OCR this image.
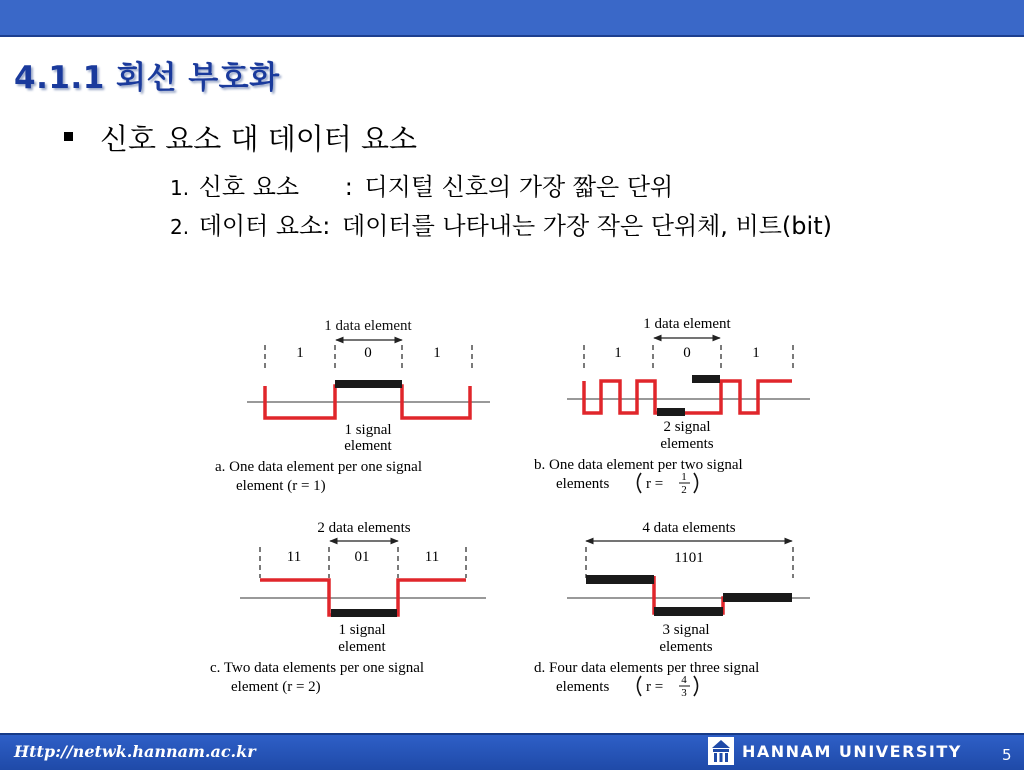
4.1.1 회선 부호화
신호 요소 대 데이터 요소
1. 신호 요소 : 디지털 신호의 가장 짧은 단위
2. 데이터 요소: 데이터를 나타내는 가장 작은 단위체, 비트(bit)
1 data element
1	0	1
1 signal
element
a. One data element per one signal
element (r = 1)
1 data element
1	0	1
2 signal
elements
b. One data element per two signal
elements r = 1
2
2 data elements
11	01	11
1 signal
element
c. Two data elements per one signal
element (r = 2)
4 data elements
1101
3 signal
elements
d. Four data elements per three signal
elements r = 4
3
Http://netwk.hannam.ac.kr	HANNAM UNIVERSITY	5
